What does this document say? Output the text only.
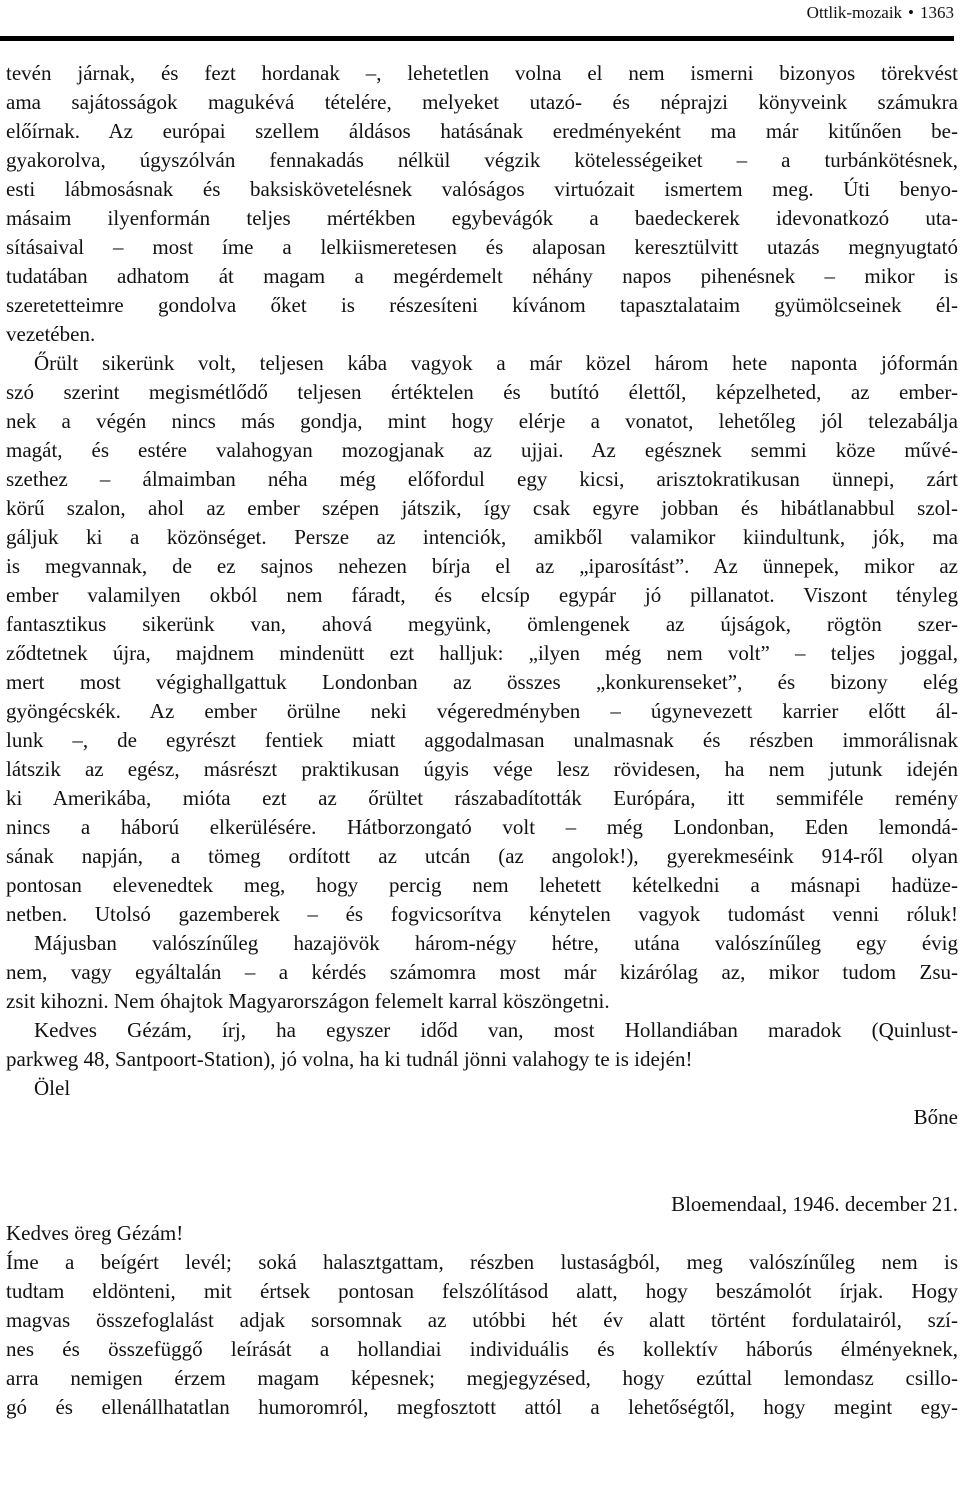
Ottlik-mozaik • 1363
tevén járnak, és fezt hordanak –, lehetetlen volna el nem ismerni bizonyos törekvést
ama sajátosságok magukévá tételére, melyeket utazó- és néprajzi könyveink számukra
előírnak. Az európai szellem áldásos hatásának eredményeként ma már kitűnően be-
gyakorolva, úgyszólván fennakadás nélkül végzik kötelességeiket – a turbánkötésnek,
esti lábmosásnak és baksiskövetelésnek valóságos virtuózait ismertem meg. Úti benyo-
másaim ilyenformán teljes mértékben egybevágók a baedeckerek idevonatkozó uta-
sításaival – most íme a lelkiismeretesen és alaposan keresztülvitt utazás megnyugtató
tudatában adhatom át magam a megérdemelt néhány napos pihenésnek – mikor is
szeretetteimre gondolva őket is részesíteni kívánom tapasztalataim gyümölcseinek él-
vezetében.
Őrült sikerünk volt, teljesen kába vagyok a már közel három hete naponta jóformán
szó szerint megismétlődő teljesen értéktelen és butító élettől, képzelheted, az ember-
nek a végén nincs más gondja, mint hogy elérje a vonatot, lehetőleg jól telezabálja
magát, és estére valahogyan mozogjanak az ujjai. Az egésznek semmi köze művé-
szethez – álmaimban néha még előfordul egy kicsi, arisztokratikusan ünnepi, zárt
körű szalon, ahol az ember szépen játszik, így csak egyre jobban és hibátlanabbul szol-
gáljuk ki a közönséget. Persze az intenciók, amikből valamikor kiindultunk, jók, ma
is megvannak, de ez sajnos nehezen bírja el az „iparosítást”. Az ünnepek, mikor az
ember valamilyen okból nem fáradt, és elcsíp egypár jó pillanatot. Viszont tényleg
fantasztikus sikerünk van, ahová megyünk, ömlengenek az újságok, rögtön szer-
ződtetnek újra, majdnem mindenütt ezt halljuk: „ilyen még nem volt” – teljes joggal,
mert most végighallgattuk Londonban az összes „konkurenseket”, és bizony elég
gyöngécskék. Az ember örülne neki végeredményben – úgynevezett karrier előtt ál-
lunk –, de egyrészt fentiek miatt aggodalmasan unalmasnak és részben immorálisnak
látszik az egész, másrészt praktikusan úgyis vége lesz rövidesen, ha nem jutunk idején
ki Amerikába, mióta ezt az őrültet rászabadították Európára, itt semmiféle remény
nincs a háború elkerülésére. Hátborzongató volt – még Londonban, Eden lemondá-
sának napján, a tömeg ordított az utcán (az angolok!), gyerekmeséink 914-ről olyan
pontosan elevenedtek meg, hogy percig nem lehetett kételkedni a másnapi hadüze-
netben. Utolsó gazemberek – és fogvicsorítva kénytelen vagyok tudomást venni róluk!
Májusban valószínűleg hazajövök három-négy hétre, utána valószínűleg egy évig
nem, vagy egyáltalán – a kérdés számomra most már kizárólag az, mikor tudom Zsu-
zsit kihozni. Nem óhajtok Magyarországon felemelt karral köszöngetni.
Kedves Gézám, írj, ha egyszer időd van, most Hollandiában maradok (Quinlust-
parkweg 48, Santpoort-Station), jó volna, ha ki tudnál jönni valahogy te is idején!
Ölel
Bőne
Bloemendaal, 1946. december 21.
Kedves öreg Gézám!
Íme a beígért levél; soká halasztgattam, részben lustaságból, meg valószínűleg nem is
tudtam eldönteni, mit értsek pontosan felszólításod alatt, hogy beszámolót írjak. Hogy
magvas összefoglalást adjak sorsomnak az utóbbi hét év alatt történt fordulatairól, szí-
nes és összefüggő leírását a hollandiai individuális és kollektív háborús élményeknek,
arra nemigen érzem magam képesnek; megjegyzésed, hogy ezúttal lemondasz csillo-
gó és ellenállhatatlan humoromról, megfosztott attól a lehetőségtől, hogy megint egy-
